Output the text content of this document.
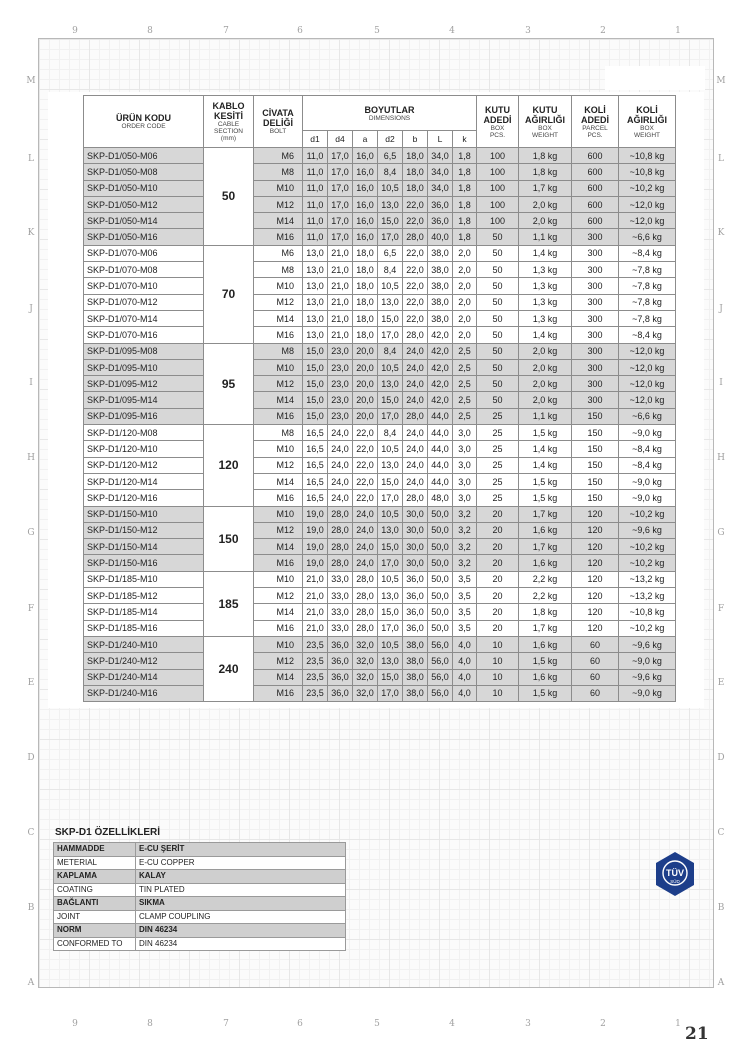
9	8	7	6	5	4	3	2	1
9	8	7	6	5	4	3	2	1
M	M
L	L
K	K
J	J
I	I
H	H
G	G
F	F
E	E
D	D
C	C
B	B
A	A
ÜRÜN KODU
ORDER CODE	KABLO
KESİTİ
CABLE
SECTION
(mm)	CİVATA
DELİĞİ
BOLT	BOYUTLAR
DIMENSIONS							KUTU
ADEDİ
BOX
PCS.	KUTU
AĞIRLIĞI
BOX
WEIGHT	KOLİ
ADEDİ
PARCEL
PCS.	KOLİ
AĞIRLIĞI
BOX
WEIGHT

			d1	d4	a	d2	b	L	k				
SKP-D1/050-M06	50	M6	11,0	17,0	16,0	6,5	18,0	34,0	1,8	100	1,8 kg	600	~10,8 kg
SKP-D1/050-M08		M8	11,0	17,0	16,0	8,4	18,0	34,0	1,8	100	1,8 kg	600	~10,8 kg
SKP-D1/050-M10		M10	11,0	17,0	16,0	10,5	18,0	34,0	1,8	100	1,7 kg	600	~10,2 kg
SKP-D1/050-M12		M12	11,0	17,0	16,0	13,0	22,0	36,0	1,8	100	2,0 kg	600	~12,0 kg
SKP-D1/050-M14		M14	11,0	17,0	16,0	15,0	22,0	36,0	1,8	100	2,0 kg	600	~12,0 kg
SKP-D1/050-M16		M16	11,0	17,0	16,0	17,0	28,0	40,0	1,8	50	1,1 kg	300	~6,6 kg
SKP-D1/070-M06	70	M6	13,0	21,0	18,0	6,5	22,0	38,0	2,0	50	1,4 kg	300	~8,4 kg
SKP-D1/070-M08		M8	13,0	21,0	18,0	8,4	22,0	38,0	2,0	50	1,3 kg	300	~7,8 kg
SKP-D1/070-M10		M10	13,0	21,0	18,0	10,5	22,0	38,0	2,0	50	1,3 kg	300	~7,8 kg
SKP-D1/070-M12		M12	13,0	21,0	18,0	13,0	22,0	38,0	2,0	50	1,3 kg	300	~7,8 kg
SKP-D1/070-M14		M14	13,0	21,0	18,0	15,0	22,0	38,0	2,0	50	1,3 kg	300	~7,8 kg
SKP-D1/070-M16		M16	13,0	21,0	18,0	17,0	28,0	42,0	2,0	50	1,4 kg	300	~8,4 kg
SKP-D1/095-M08	95	M8	15,0	23,0	20,0	8,4	24,0	42,0	2,5	50	2,0 kg	300	~12,0 kg
SKP-D1/095-M10		M10	15,0	23,0	20,0	10,5	24,0	42,0	2,5	50	2,0 kg	300	~12,0 kg
SKP-D1/095-M12		M12	15,0	23,0	20,0	13,0	24,0	42,0	2,5	50	2,0 kg	300	~12,0 kg
SKP-D1/095-M14		M14	15,0	23,0	20,0	15,0	24,0	42,0	2,5	50	2,0 kg	300	~12,0 kg
SKP-D1/095-M16		M16	15,0	23,0	20,0	17,0	28,0	44,0	2,5	25	1,1 kg	150	~6,6 kg
SKP-D1/120-M08	120	M8	16,5	24,0	22,0	8,4	24,0	44,0	3,0	25	1,5 kg	150	~9,0 kg
SKP-D1/120-M10		M10	16,5	24,0	22,0	10,5	24,0	44,0	3,0	25	1,4 kg	150	~8,4 kg
SKP-D1/120-M12		M12	16,5	24,0	22,0	13,0	24,0	44,0	3,0	25	1,4 kg	150	~8,4 kg
SKP-D1/120-M14		M14	16,5	24,0	22,0	15,0	24,0	44,0	3,0	25	1,5 kg	150	~9,0 kg
SKP-D1/120-M16		M16	16,5	24,0	22,0	17,0	28,0	48,0	3,0	25	1,5 kg	150	~9,0 kg
SKP-D1/150-M10	150	M10	19,0	28,0	24,0	10,5	30,0	50,0	3,2	20	1,7 kg	120	~10,2 kg
SKP-D1/150-M12		M12	19,0	28,0	24,0	13,0	30,0	50,0	3,2	20	1,6 kg	120	~9,6 kg
SKP-D1/150-M14		M14	19,0	28,0	24,0	15,0	30,0	50,0	3,2	20	1,7 kg	120	~10,2 kg
SKP-D1/150-M16		M16	19,0	28,0	24,0	17,0	30,0	50,0	3,2	20	1,6 kg	120	~10,2 kg
SKP-D1/185-M10	185	M10	21,0	33,0	28,0	10,5	36,0	50,0	3,5	20	2,2 kg	120	~13,2 kg
SKP-D1/185-M12		M12	21,0	33,0	28,0	13,0	36,0	50,0	3,5	20	2,2 kg	120	~13,2 kg
SKP-D1/185-M14		M14	21,0	33,0	28,0	15,0	36,0	50,0	3,5	20	1,8 kg	120	~10,8 kg
SKP-D1/185-M16		M16	21,0	33,0	28,0	17,0	36,0	50,0	3,5	20	1,7 kg	120	~10,2 kg
SKP-D1/240-M10	240	M10	23,5	36,0	32,0	10,5	38,0	56,0	4,0	10	1,6 kg	60	~9,6 kg
SKP-D1/240-M12		M12	23,5	36,0	32,0	13,0	38,0	56,0	4,0	10	1,5 kg	60	~9,0 kg
SKP-D1/240-M14		M14	23,5	36,0	32,0	15,0	38,0	56,0	4,0	10	1,6 kg	60	~9,6 kg
SKP-D1/240-M16		M16	23,5	36,0	32,0	17,0	38,0	56,0	4,0	10	1,5 kg	60	~9,0 kg
SKP-D1 ÖZELLİKLERİ
HAMMADDE	E-CU ŞERİT
METERIAL	E-CU COPPER
KAPLAMA	KALAY
COATING	TIN PLATED
BAĞLANTI	SIKMA
JOINT	CLAMP COUPLING
NORM	DIN 46234
CONFORMED TO	DIN 46234
TÜV
SÜD
21
